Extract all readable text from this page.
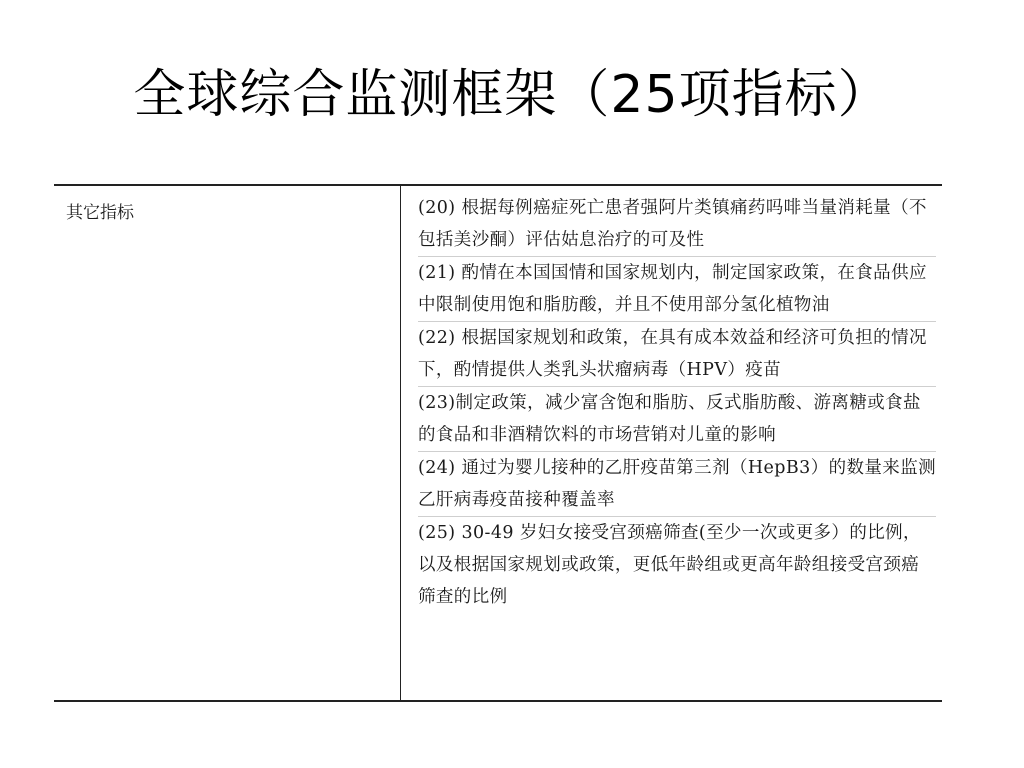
全球综合监测框架（25项指标）
其它指标	(20) 根据每例癌症死亡患者强阿片类镇痛药吗啡当量消耗量（不包括美沙酮）评估姑息治疗的可及性
(21) 酌情在本国国情和国家规划内，制定国家政策，在食品供应中限制使用饱和脂肪酸，并且不使用部分氢化植物油
(22) 根据国家规划和政策，在具有成本效益和经济可负担的情况下，酌情提供人类乳头状瘤病毒（HPV）疫苗
(23)制定政策，减少富含饱和脂肪、反式脂肪酸、游离糖或食盐的食品和非酒精饮料的市场营销对儿童的影响
(24) 通过为婴儿接种的乙肝疫苗第三剂（HepB3）的数量来监测乙肝病毒疫苗接种覆盖率
(25) 30-49 岁妇女接受宫颈癌筛查(至少一次或更多）的比例，以及根据国家规划或政策，更低年龄组或更高年龄组接受宫颈癌筛查的比例
